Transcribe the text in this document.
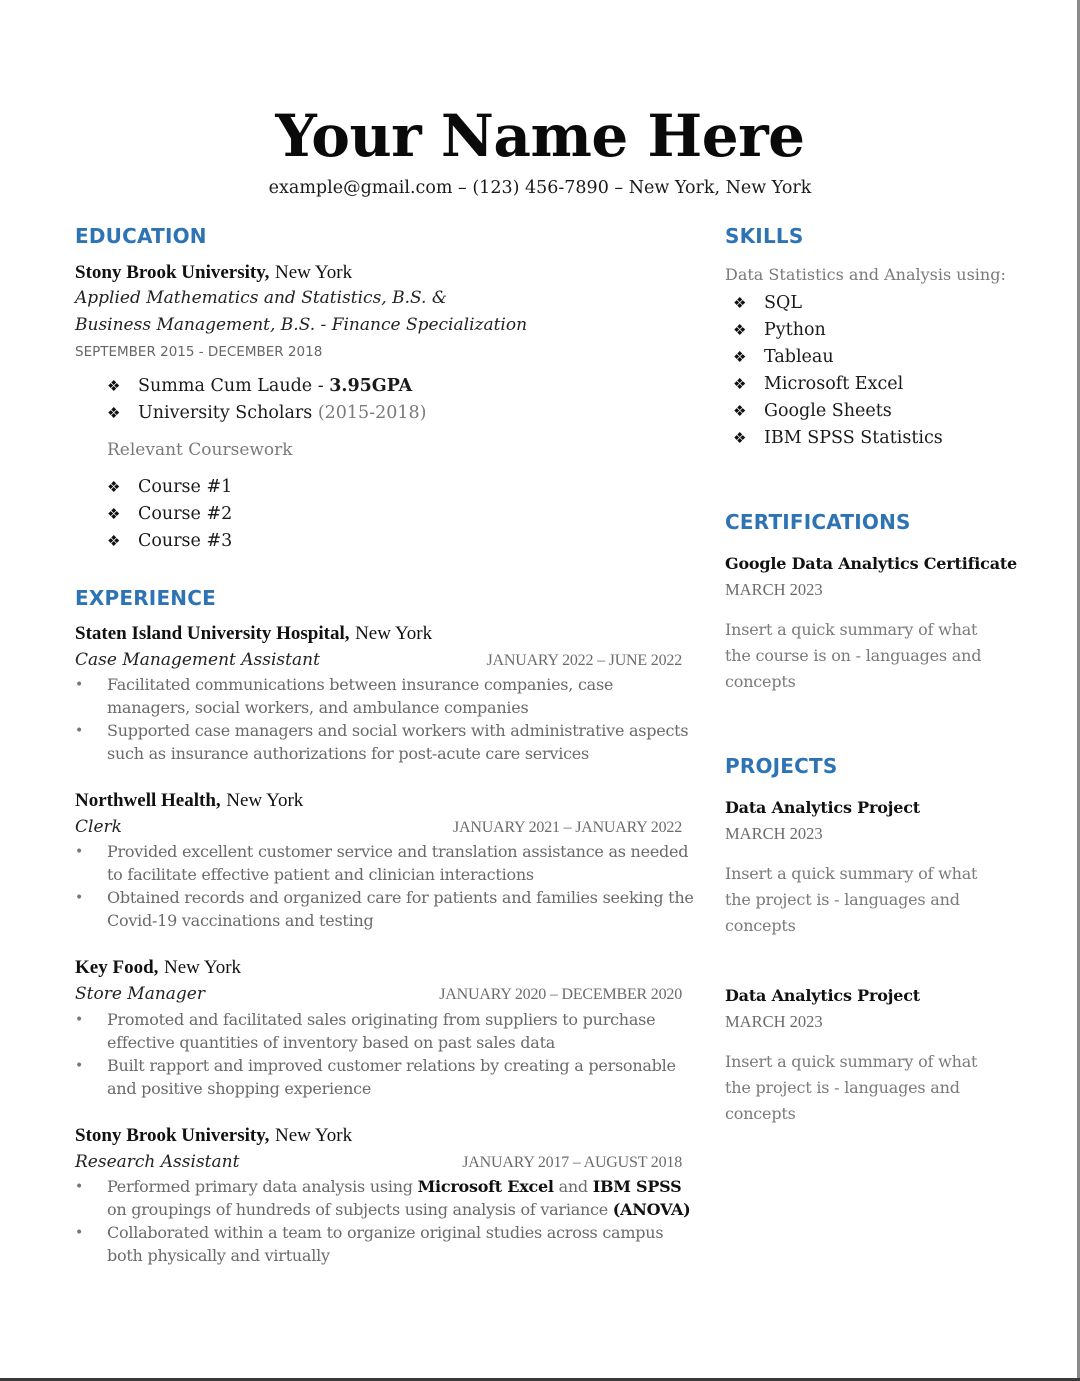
Your Name Here
example@gmail.com – (123) 456-7890 – New York, New York
EDUCATION
Stony Brook University, New York
Applied Mathematics and Statistics, B.S. &
Business Management, B.S. - Finance Specialization
SEPTEMBER 2015 - DECEMBER 2018
❖ Summa Cum Laude - 3.95GPA
❖ University Scholars (2015-2018)
Relevant Coursework
❖ Course #1
❖ Course #2
❖ Course #3
EXPERIENCE
Staten Island University Hospital, New York
Case Management Assistant	JANUARY 2022 – JUNE 2022
• Facilitated communications between insurance companies, case managers, social workers, and ambulance companies
• Supported case managers and social workers with administrative aspects such as insurance authorizations for post-acute care services
Northwell Health, New York
Clerk	JANUARY 2021 – JANUARY 2022
• Provided excellent customer service and translation assistance as needed to facilitate effective patient and clinician interactions
• Obtained records and organized care for patients and families seeking the Covid-19 vaccinations and testing
Key Food, New York
Store Manager	JANUARY 2020 – DECEMBER 2020
• Promoted and facilitated sales originating from suppliers to purchase effective quantities of inventory based on past sales data
• Built rapport and improved customer relations by creating a personable and positive shopping experience
Stony Brook University, New York
Research Assistant	JANUARY 2017 – AUGUST 2018
• Performed primary data analysis using Microsoft Excel and IBM SPSS on groupings of hundreds of subjects using analysis of variance (ANOVA)
• Collaborated within a team to organize original studies across campus both physically and virtually
SKILLS
Data Statistics and Analysis using:
❖ SQL
❖ Python
❖ Tableau
❖ Microsoft Excel
❖ Google Sheets
❖ IBM SPSS Statistics
CERTIFICATIONS
Google Data Analytics Certificate
MARCH 2023
Insert a quick summary of what the course is on - languages and concepts
PROJECTS
Data Analytics Project
MARCH 2023
Insert a quick summary of what the project is - languages and concepts
Data Analytics Project
MARCH 2023
Insert a quick summary of what the project is - languages and concepts
